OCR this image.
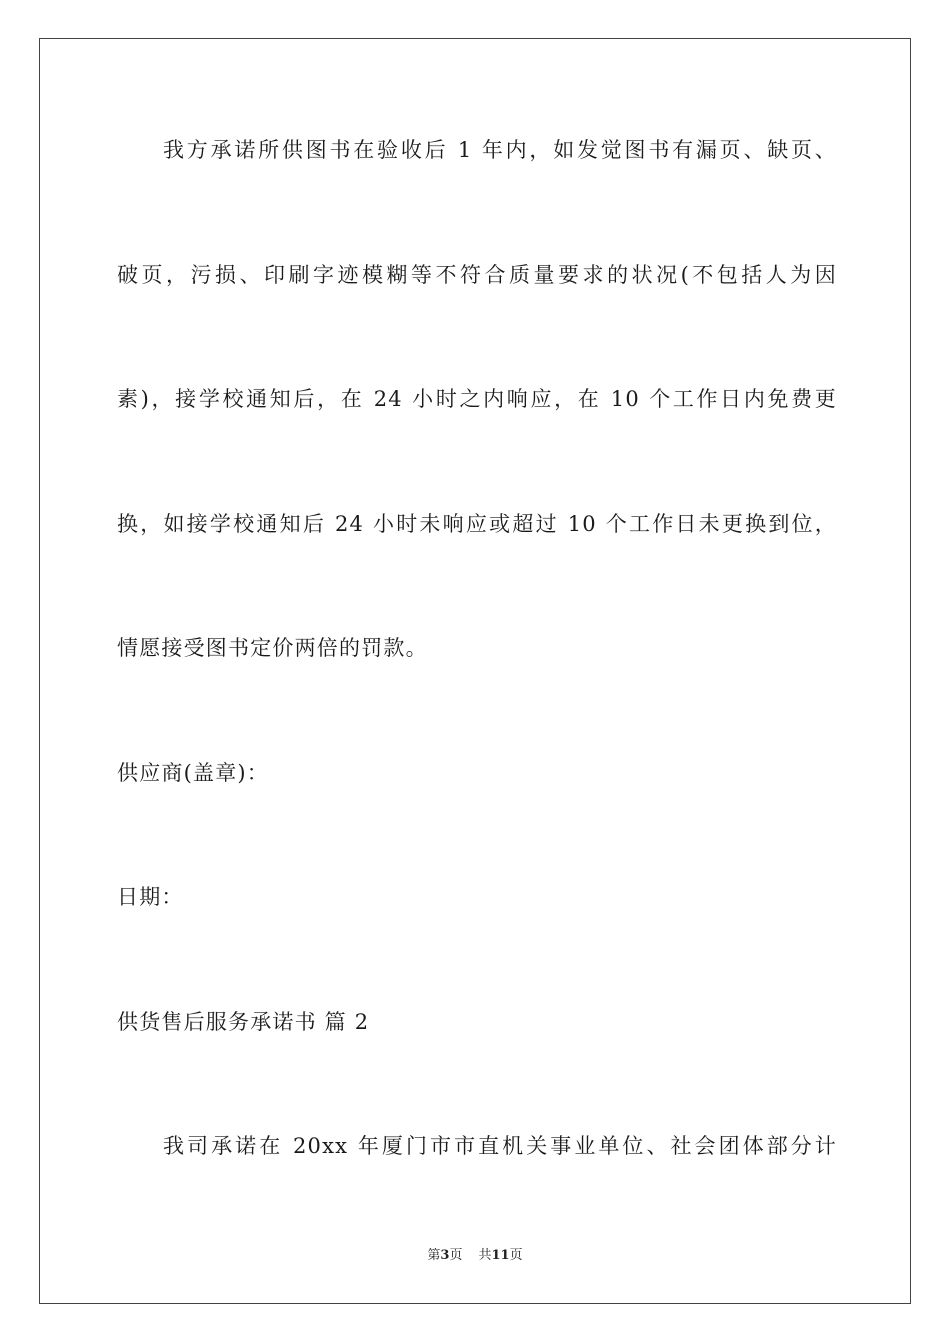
我方承诺所供图书在验收后 1 年内，如发觉图书有漏页、缺页、
破页，污损、印刷字迹模糊等不符合质量要求的状况(不包括人为因
素)，接学校通知后，在 24 小时之内响应，在 10 个工作日内免费更
换，如接学校通知后 24 小时未响应或超过 10 个工作日未更换到位，
情愿接受图书定价两倍的罚款。
供应商(盖章)：
日期：
供货售后服务承诺书 篇 2
我司承诺在 20xx 年厦门市市直机关事业单位、社会团体部分计
第3页 共11页
